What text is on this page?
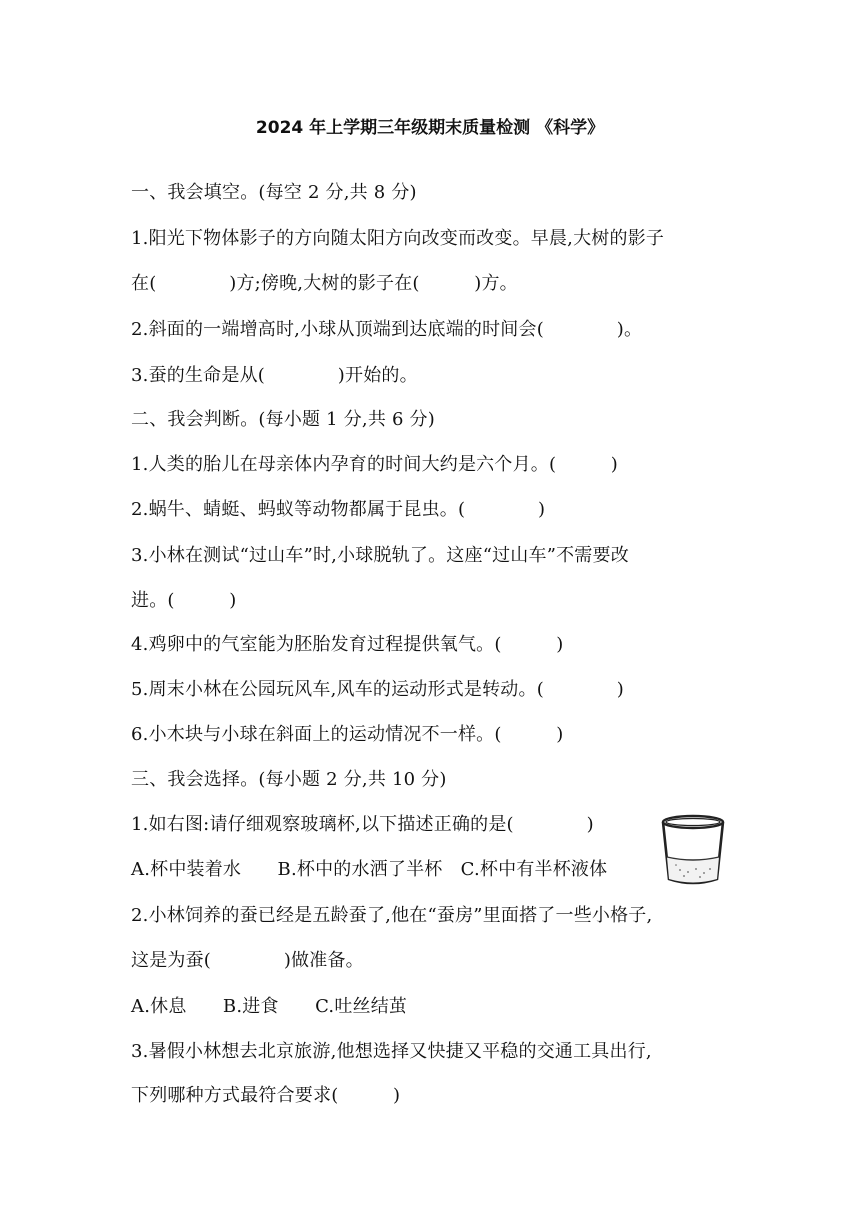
2024 年上学期三年级期末质量检测 《科学》
一、我会填空。(每空 2 分,共 8 分)
1.阳光下物体影子的方向随太阳方向改变而改变。早晨,大树的影子
在(　　　　)方;傍晚,大树的影子在(　　　)方。
2.斜面的一端增高时,小球从顶端到达底端的时间会(　　　　)。
3.蚕的生命是从(　　　　)开始的。
二、我会判断。(每小题 1 分,共 6 分)
1.人类的胎儿在母亲体内孕育的时间大约是六个月。(　　　)
2.蜗牛、蜻蜓、蚂蚁等动物都属于昆虫。(　　　　)
3.小林在测试“过山车”时,小球脱轨了。这座“过山车”不需要改
进。(　　　)
4.鸡卵中的气室能为胚胎发育过程提供氧气。(　　　)
5.周末小林在公园玩风车,风车的运动形式是转动。(　　　　)
6.小木块与小球在斜面上的运动情况不一样。(　　　)
三、我会选择。(每小题 2 分,共 10 分)
1.如右图:请仔细观察玻璃杯,以下描述正确的是(　　　　)
A.杯中装着水　　B.杯中的水洒了半杯　C.杯中有半杯液体
2.小林饲养的蚕已经是五龄蚕了,他在“蚕房”里面搭了一些小格子,
这是为蚕(　　　　)做准备。
A.休息　　B.进食　　C.吐丝结茧
3.暑假小林想去北京旅游,他想选择又快捷又平稳的交通工具出行,
下列哪种方式最符合要求(　　　)
